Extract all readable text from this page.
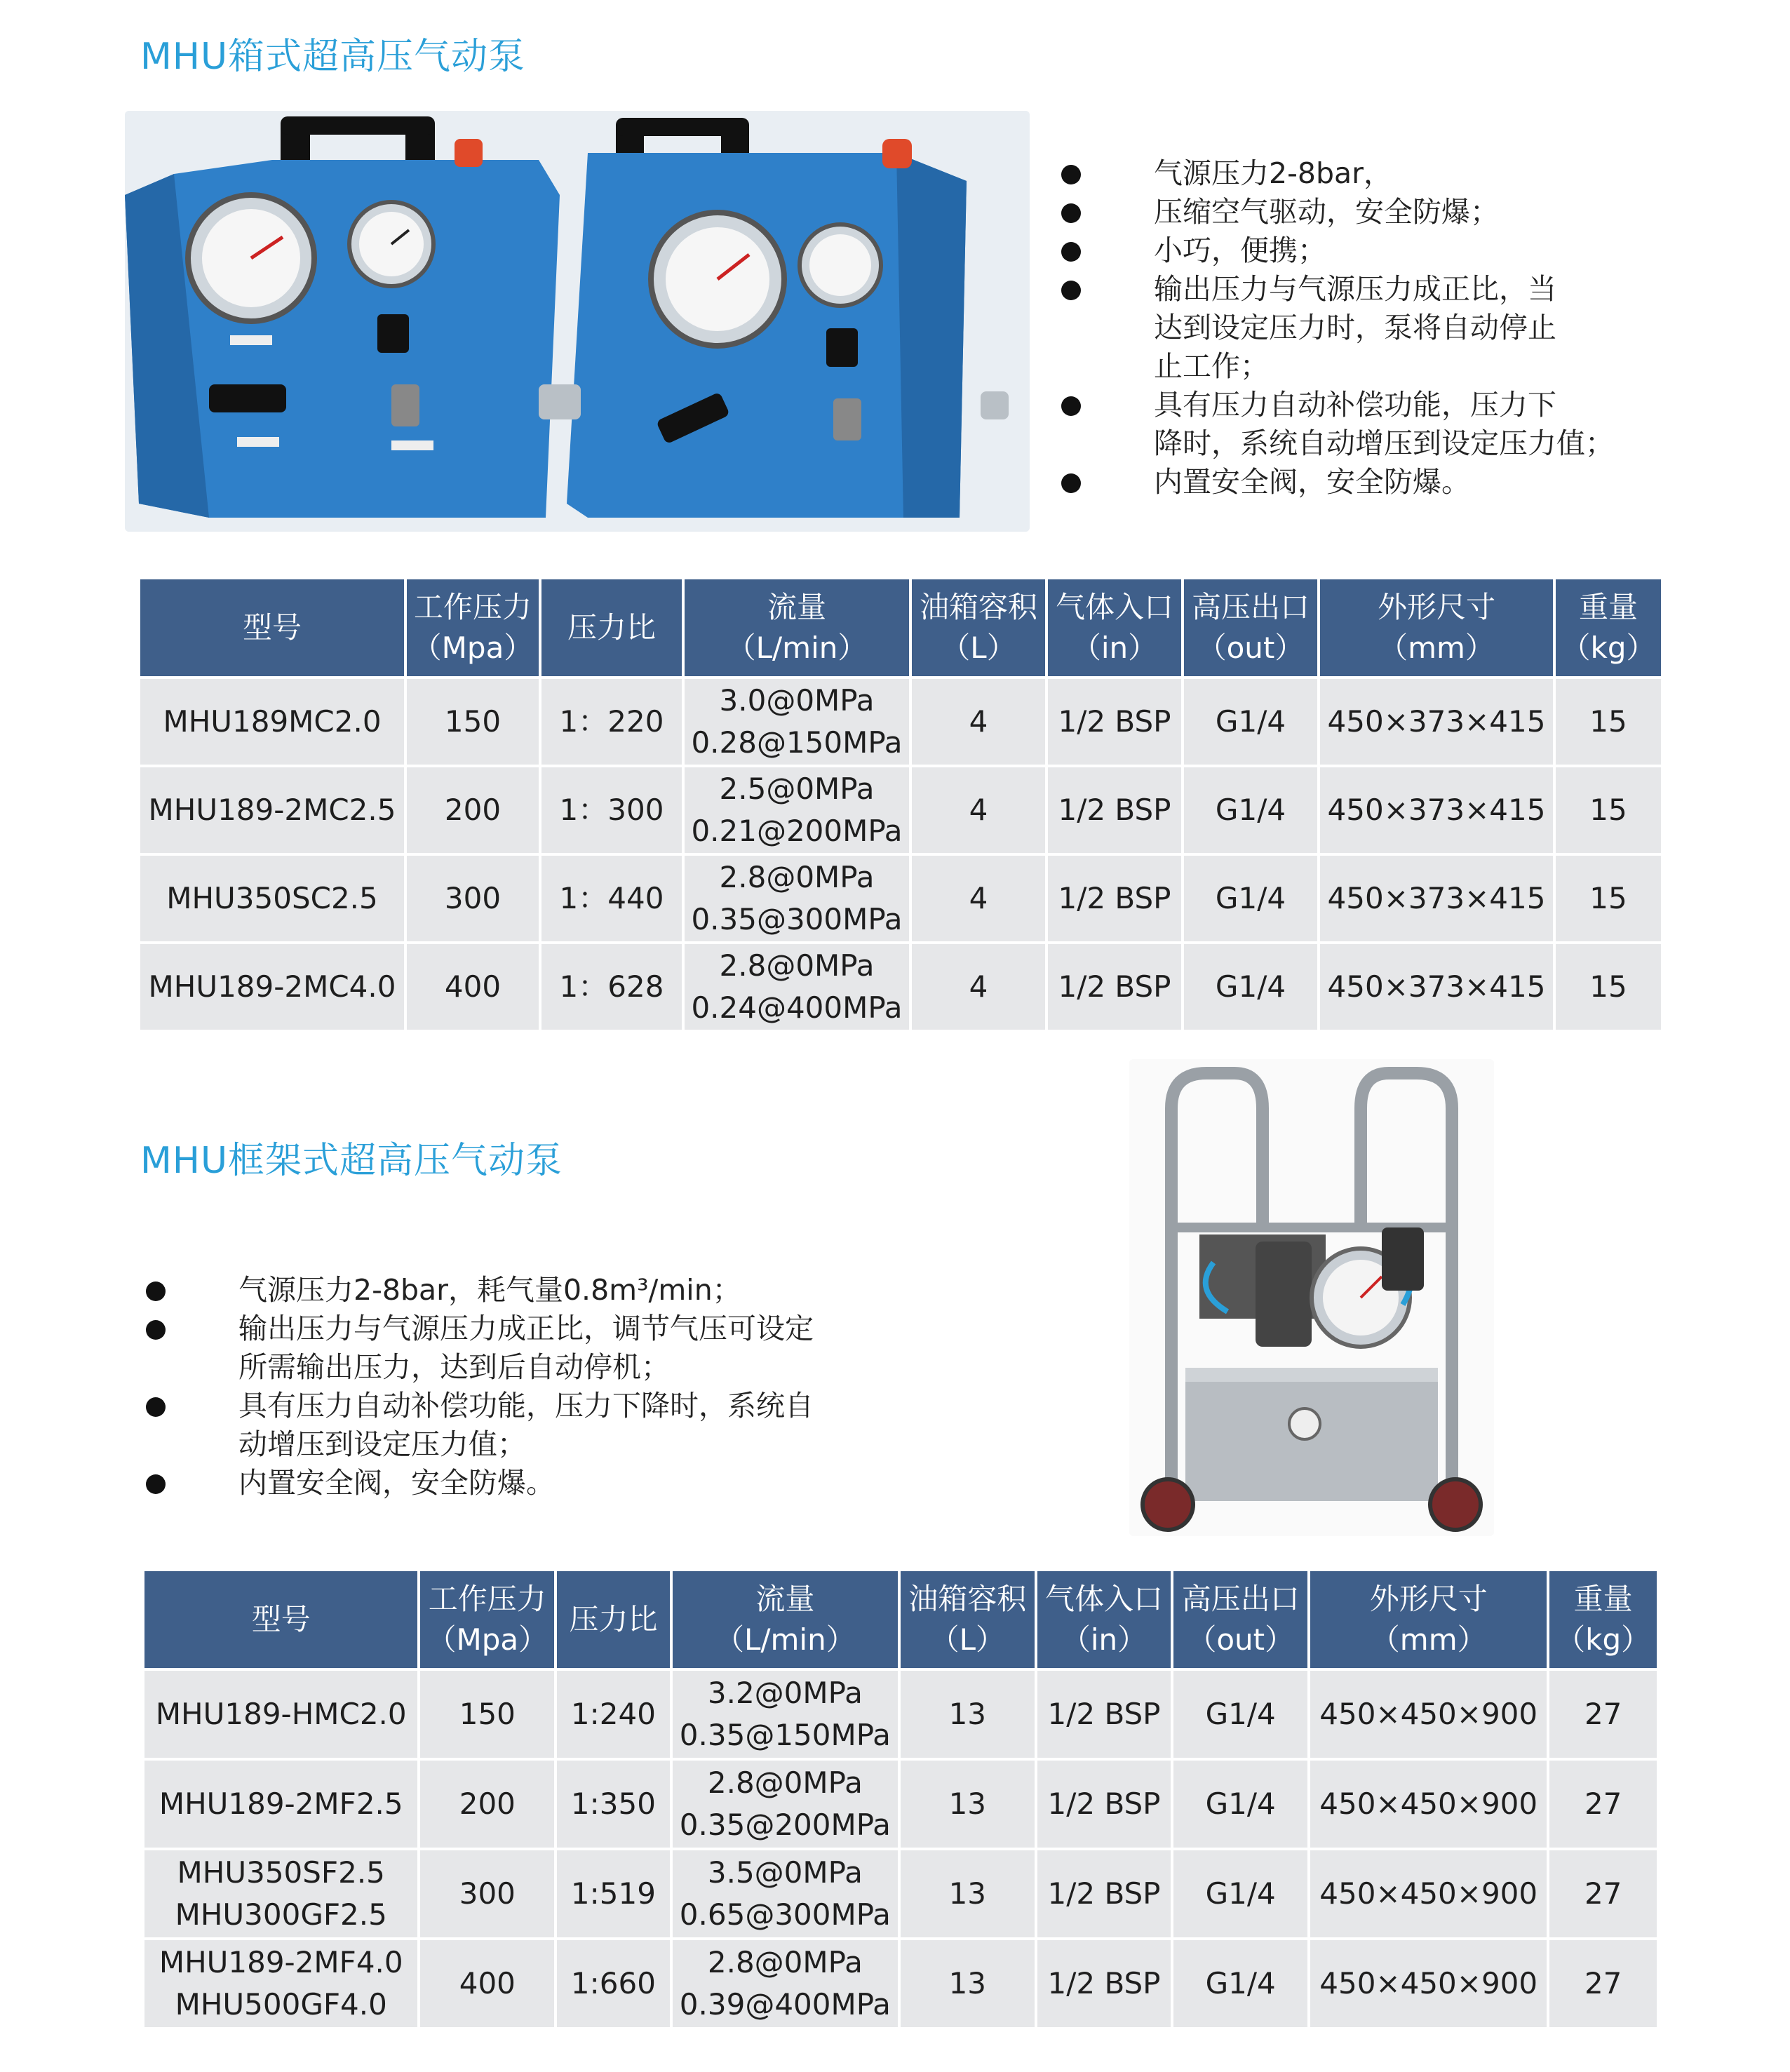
MHU箱式超高压气动泵
气源压力2-8bar，
压缩空气驱动，安全防爆；
小巧，便携；
输出压力与气源压力成正比，当
达到设定压力时，泵将自动停止
止工作；
具有压力自动补偿功能，压力下
降时，系统自动增压到设定压力值；
内置安全阀，安全防爆。
型号	工作压力
（Mpa）	压力比	流量
（L/min）	油箱容积
（L）	气体入口
（in）	高压出口
（out）	外形尺寸
（mm）	重量
（kg）

MHU189MC2.0	150	1：220	3.0@0MPa
0.28@150MPa	4	1/2 BSP	G1/4	450×373×415	15

MHU189-2MC2.5	200	1：300	2.5@0MPa
0.21@200MPa	4	1/2 BSP	G1/4	450×373×415	15

MHU350SC2.5	300	1：440	2.8@0MPa
0.35@300MPa	4	1/2 BSP	G1/4	450×373×415	15

MHU189-2MC4.0	400	1：628	2.8@0MPa
0.24@400MPa	4	1/2 BSP	G1/4	450×373×415	15
MHU框架式超高压气动泵
气源压力2-8bar，耗气量0.8m³/min；
输出压力与气源压力成正比，调节气压可设定
所需输出压力，达到后自动停机；
具有压力自动补偿功能，压力下降时，系统自
动增压到设定压力值；
内置安全阀，安全防爆。
型号	工作压力
（Mpa）	压力比	流量
（L/min）	油箱容积
（L）	气体入口
（in）	高压出口
（out）	外形尺寸
（mm）	重量
（kg）

MHU189-HMC2.0	150	1:240	3.2@0MPa
0.35@150MPa	13	1/2 BSP	G1/4	450×450×900	27

MHU189-2MF2.5	200	1:350	2.8@0MPa
0.35@200MPa	13	1/2 BSP	G1/4	450×450×900	27

MHU350SF2.5
MHU300GF2.5	300	1:519	3.5@0MPa
0.65@300MPa	13	1/2 BSP	G1/4	450×450×900	27

MHU189-2MF4.0
MHU500GF4.0	400	1:660	2.8@0MPa
0.39@400MPa	13	1/2 BSP	G1/4	450×450×900	27
